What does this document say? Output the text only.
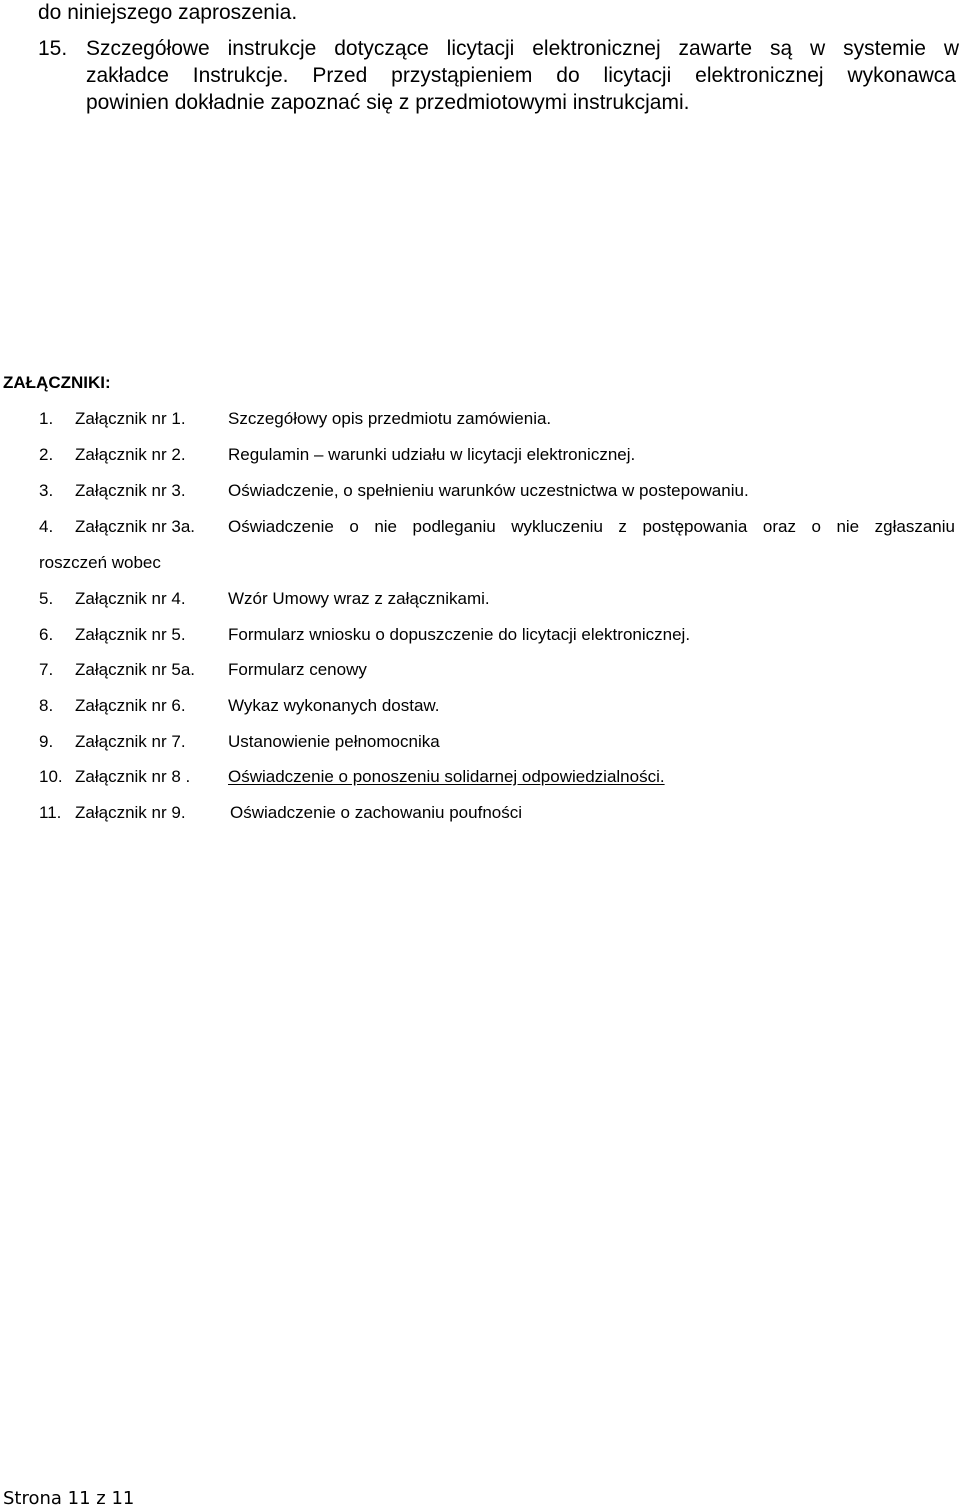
do niniejszego zaproszenia.
15. Szczegółowe instrukcje dotyczące licytacji elektronicznej zawarte są w systemie w
zakładce Instrukcje. Przed przystąpieniem do licytacji elektronicznej wykonawca
powinien dokładnie zapoznać się z przedmiotowymi instrukcjami.
ZAŁĄCZNIKI:
1. Załącznik nr 1. Szczegółowy opis przedmiotu zamówienia.
2. Załącznik nr 2. Regulamin – warunki udziału w licytacji elektronicznej.
3. Załącznik nr 3. Oświadczenie, o spełnieniu warunków uczestnictwa w postepowaniu.
4. Załącznik nr 3a. Oświadczenie o nie podleganiu wykluczeniu z postępowania oraz o nie zgłaszaniu
roszczeń wobec
5. Załącznik nr 4. Wzór Umowy wraz z załącznikami.
6. Załącznik nr 5. Formularz wniosku o dopuszczenie do licytacji elektronicznej.
7. Załącznik nr 5a. Formularz cenowy
8. Załącznik nr 6. Wykaz wykonanych dostaw.
9. Załącznik nr 7. Ustanowienie pełnomocnika
10. Załącznik nr 8 . Oświadczenie o ponoszeniu solidarnej odpowiedzialności.
11. Załącznik nr 9.	Oświadczenie o zachowaniu poufności
Strona 11 z 11
